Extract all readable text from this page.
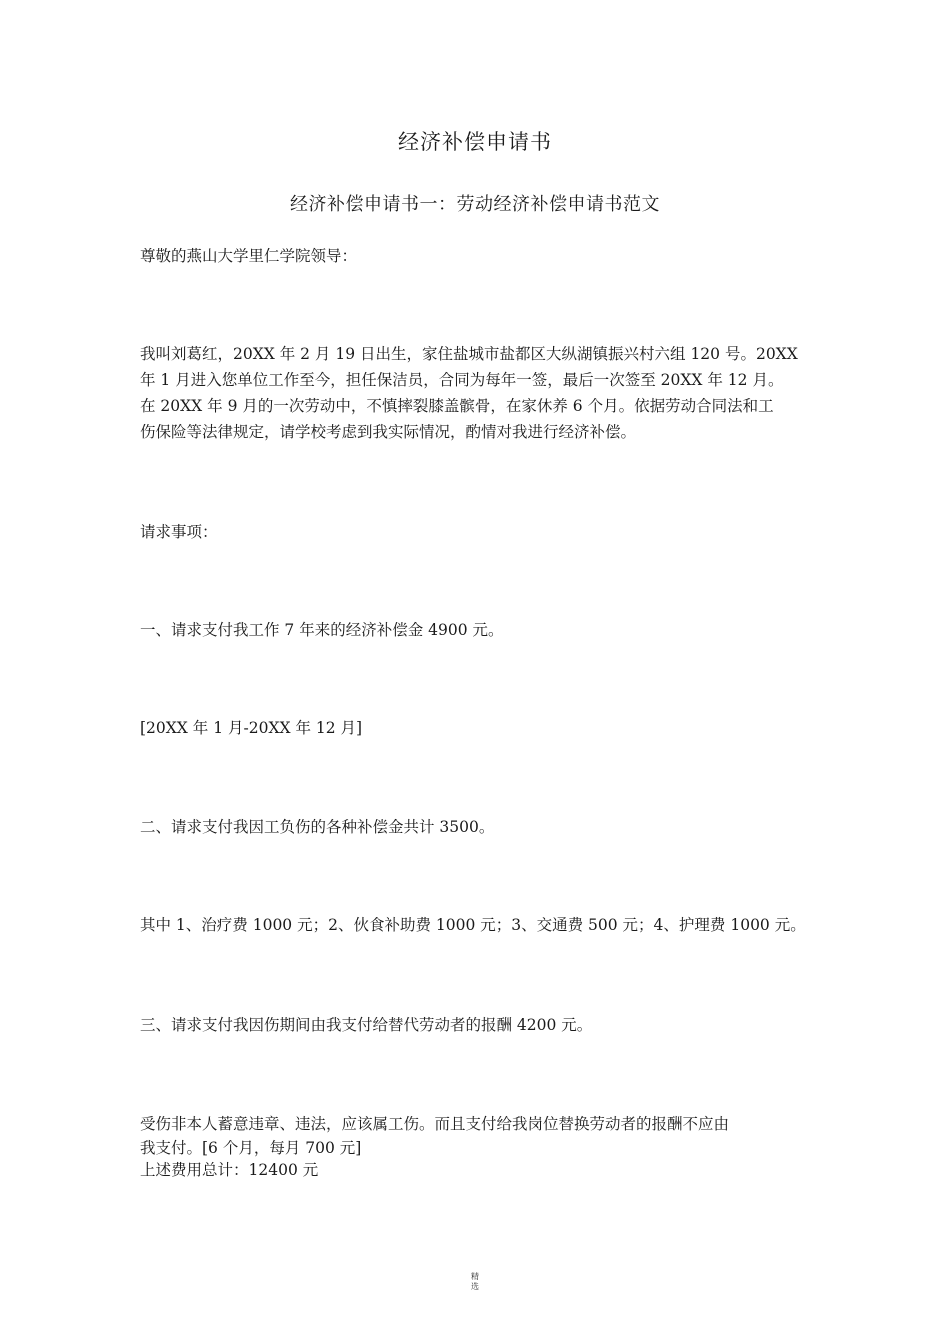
经济补偿申请书
经济补偿申请书一：劳动经济补偿申请书范文
尊敬的燕山大学里仁学院领导：
我叫刘葛红，20XX 年 2 月 19 日出生，家住盐城市盐都区大纵湖镇振兴村六组 120 号。20XX
年 1 月进入您单位工作至今，担任保洁员，合同为每年一签，最后一次签至 20XX 年 12 月。
在 20XX 年 9 月的一次劳动中，不慎摔裂膝盖髌骨，在家休养 6 个月。依据劳动合同法和工
伤保险等法律规定，请学校考虑到我实际情况，酌情对我进行经济补偿。
请求事项：
一、请求支付我工作 7 年来的经济补偿金 4900 元。
[20XX 年 1 月-20XX 年 12 月]
二、请求支付我因工负伤的各种补偿金共计 3500。
其中 1、治疗费 1000 元；2、伙食补助费 1000 元；3、交通费 500 元；4、护理费 1000 元。
三、请求支付我因伤期间由我支付给替代劳动者的报酬 4200 元。
受伤非本人蓄意违章、违法，应该属工伤。而且支付给我岗位替换劳动者的报酬不应由
我支付。[6 个月，每月 700 元]
上述费用总计：12400 元
精
选
